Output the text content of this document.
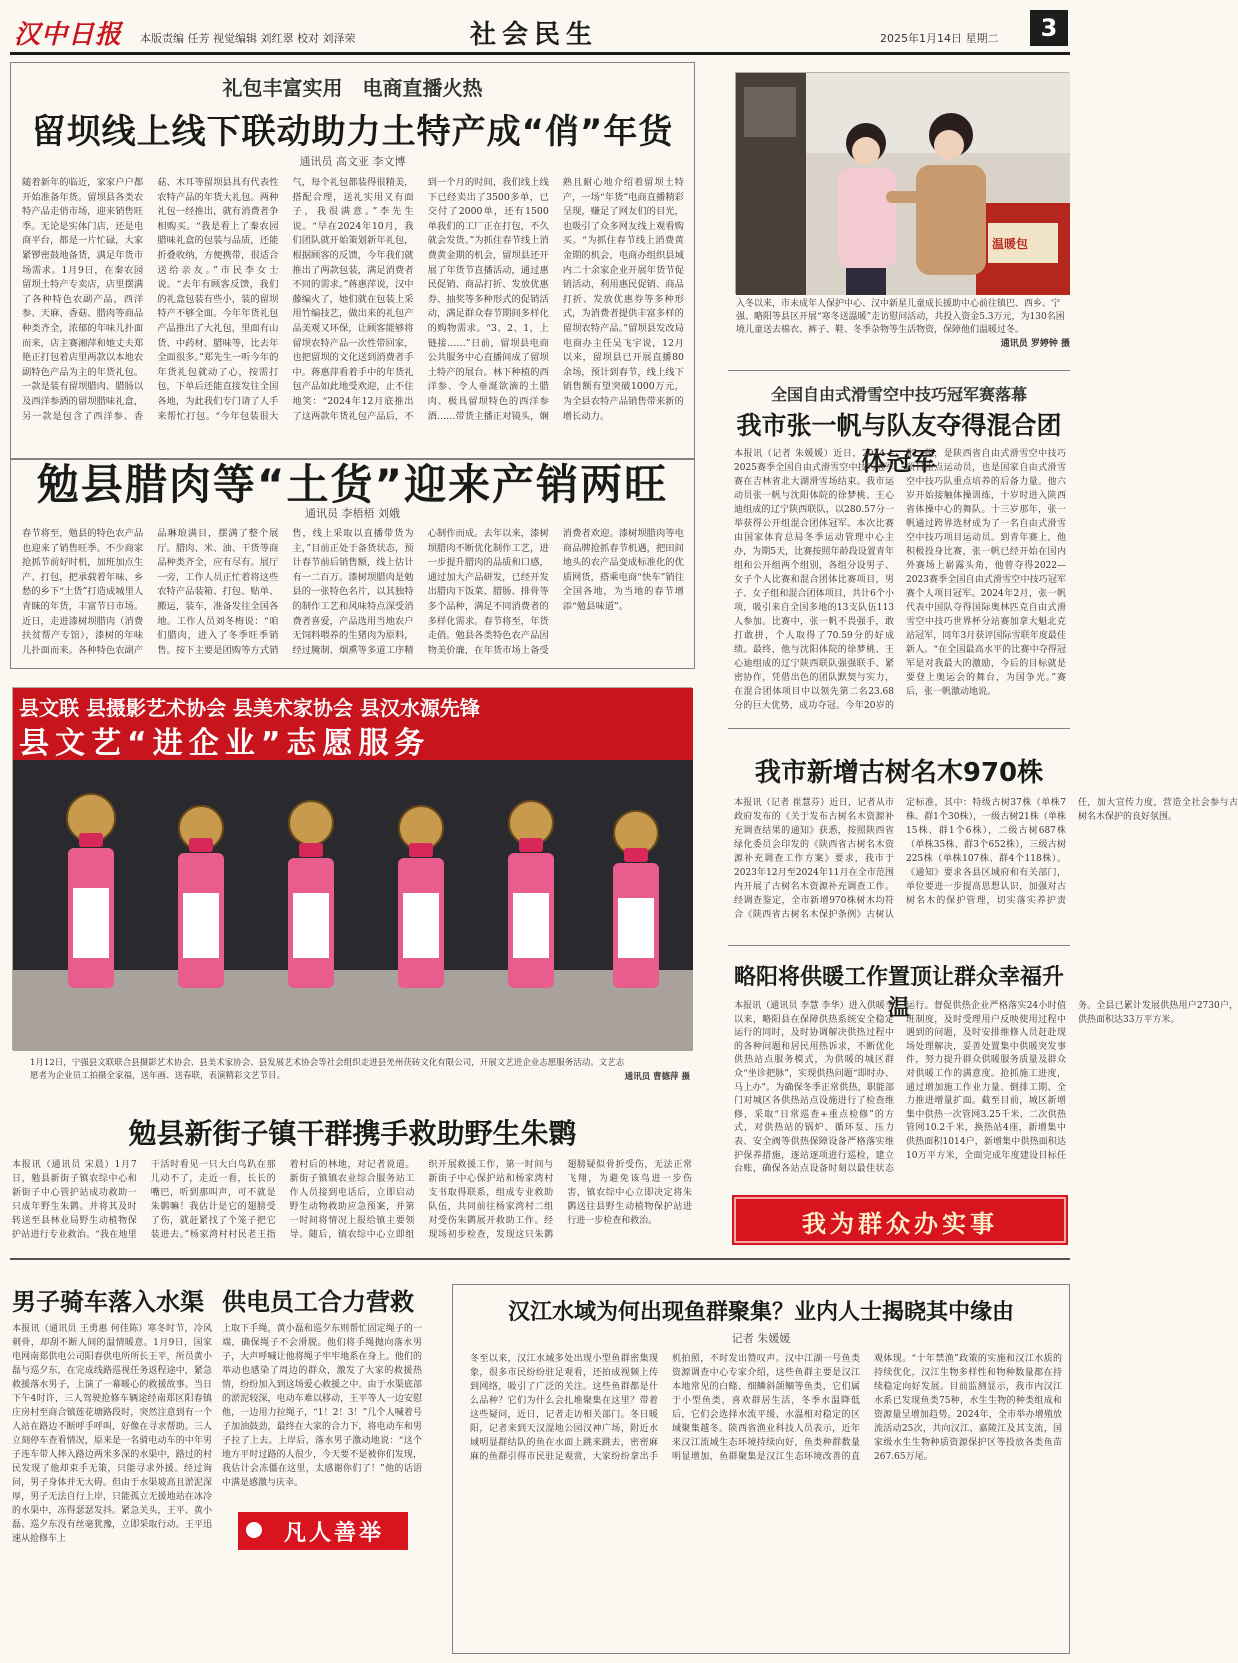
汉中日报 本版责编 任芳 视觉编辑 刘红翠 校对 刘泽荣	社会民生	2025年1月14日 星期二	3
礼包丰富实用　电商直播火热
留坝线上线下联动助力土特产成“俏”年货
通讯员 高文亚 李文博
随着新年的临近，家家户户都开始准备年货。留坝县各类农特产品走俏市场，迎来销售旺季。无论是实体门店，还是电商平台，都是一片忙碌，大家紧锣密鼓地备货，满足年货市场需求。1月9日，在秦农园留坝土特产专卖店，店里摆满了各种特色农副产品，西洋参、天麻、香菇、腊肉等商品种类齐全，浓郁的年味儿扑面而来，店主赛湘萍和她丈夫郑艳正打包着店里两款以本地农副特色产品为主的年货礼包。一款是装有留坝腊肉、腊肠以及西洋参酒的留坝腊味礼盒，另一款是包含了西洋参、香菇、木耳等留坝县具有代表性农特产品的年货大礼包。两种礼包一经推出，就有消费者争相购买。“我是看上了秦农园腊味礼盒的包装与品质，还能折叠收纳，方便携带，很适合送给亲友。”市民李女士说。“去年有顾客反馈，我们的礼盒包装有些小，装的留坝特产不够全面。今年年货礼包产品推出了大礼包，里面有山货、中药材、腊味等，比去年全面很多。”郑先生一听今年的年货礼包就动了心，按需打包，下单后还能直接发往全国各地，为此我们专门请了人手来帮忙打包。“今年包装很大气，每个礼包都装得很精美，搭配合理，送礼实用又有面子，我很满意。”李先生说。“早在2024年10月，我们团队就开始策划新年礼包，根据顾客的反馈，今年我们就推出了两款包装，满足消费者不同的需求。”蒋惠萍说，汉中藤编火了，她们就在包装上采用竹编技艺，做出来的礼包产品美观又环保，让顾客能够将留坝农特产品一次性带回家，也把留坝的文化送到消费者手中。蒋惠萍看着手中的年货礼包产品如此地受欢迎，止不住地笑：“2024年12月底推出了这两款年货礼包产品后，不到一个月的时间，我们线上线下已经卖出了3500多单，已交付了2000单，还有1500单我们的工厂正在打包，不久就会发货。”为抓住春节线上消费黄金期的机会，留坝县还开展了年货节直播活动，通过惠民促销、商品打折、发放优惠券、抽奖等多种形式的促销活动，满足群众春节期间多样化的购物需求。“3、2、1，上链接……”日前，留坝县电商公共服务中心直播间成了留坝土特产的展台。林下种植的西洋参、令人垂涎欲滴的土腊肉、极具留坝特色的西洋参酒……带货主播正对镜头，娴熟且耐心地介绍着留坝土特产，一场“年货”电商直播精彩呈现，赚足了网友们的目光，也吸引了众多网友线上观看购买。“为抓住春节线上消费黄金期的机会，电商办组织县域内二十余家企业开展年货节促销活动，利用惠民促销、商品打折、发放优惠券等多种形式，为消费者提供丰富多样的留坝农特产品。”留坝县发改局电商办主任吴飞宇说，12月以来，留坝县已开展直播80余场，预计到春节，线上线下销售额有望突破1000万元，为全县农特产品销售带来新的增长动力。
勉县腊肉等“土货”迎来产销两旺
通讯员 李梧梧 刘娥
春节将至，勉县的特色农产品也迎来了销售旺季。不少商家抢抓节前好时机，加班加点生产、打包，把承载着年味、乡愁的乡下“土货”打造成城里人青睐的年货，丰富节日市场。近日，走进漆树坝腊肉（消费扶贫帮产专馆），漆树的年味儿扑面而来。各种特色农副产品琳琅满目，摆满了整个展厅。腊肉、米、油、干货等商品种类齐全，应有尽有。展厅一旁，工作人员正忙着将这些农特产品装箱、打包、贴单、搬运，装车，准备发往全国各地。工作人员刘冬梅说：“咱们腊肉，进入了冬季旺季销售。按下主要是团购等方式销售，线上采取以直播带货为主，”目前正处于备货状态，预计春节前后销售额，线上估计有一二百万。漆树坝腊肉是勉县的一张特色名片，以其独特的制作工艺和风味特点深受消费者喜爱，产品选用当地农户无饲料喂养的生猪肉为原料，经过腌制、烟熏等多道工序精心制作而成。去年以来，漆树坝腊肉不断优化制作工艺，进一步提升腊肉的品质和口感，通过加大产品研发，已经开发出腊肉下饭菜、腊肠、排骨等多个品种，满足不同消费者的多样化需求。春节将至，年货走俏。勉县各类特色农产品因物美价廉，在年货市场上备受消费者欢迎。漆树坝腊肉等电商品牌抢抓春节机遇，把田间地头的农产品变成标准化的优质网货，搭乘电商“快车”销往全国各地，为当地的春节增添“勉县味道”。
温暖包
入冬以来，市未成年人保护中心、汉中新星儿童成长援助中心前往镇巴、西乡、宁强、略阳等县区开展“寒冬送温暖”走访慰问活动，共投入资金5.3万元，为130名困境儿童送去棉衣、裤子、鞋、冬季杂物等生活物资，保障他们温暖过冬。
通讯员 罗婷钟 摄
全国自由式滑雪空中技巧冠军赛落幕
我市张一帆与队友夺得混合团体冠军
本报讯（记者 朱媛媛）近日，2024—2025赛季全国自由式滑雪空中技巧冠军赛在吉林省北大湖滑雪场结束。我市运动员张一帆与沈阳体院的徐梦桃、王心迪组成的辽宁陕西联队，以280.57分一举获得公开组混合团体冠军。本次比赛由国家体育总局冬季运动管理中心主办，为期5天，比赛按照年龄段设置青年组和公开组两个组别，各组分设男子、女子个人比赛和混合团体比赛项目，男子、女子组和混合团体项目，共计6个小项，吸引来自全国多地的13支队伍113人参加。比赛中，张一帆不畏强手，敢打敢拼，个人取得了70.59分的好成绩。最终，他与沈阳体院的徐梦桃、王心迪组成的辽宁陕西联队强强联手、紧密协作，凭借出色的团队默契与实力，在混合团体项目中以领先第二名23.68分的巨大优势，成功夺冠。今年20岁的张一帆，是陕西省自由式滑雪空中技巧项目重点运动员，也是国家自由式滑雪空中技巧队重点培养的后备力量。他六岁开始接触体操训练，十岁时进入陕西省体操中心的舞队。十三岁那年，张一帆通过跨界选材成为了一名自由式滑雪空中技巧项目运动员。到青年赛上，他积极投身比赛，张一帆已经开始在国内外赛场上崭露头角，他曾夺得2022—2023赛季全国自由式滑雪空中技巧冠军赛个人项目冠军。2024年2月，张一帆代表中国队夺得国际奥林匹克自由式滑雪空中技巧世界杯分站赛加拿大魁北克站冠军，同年3月获评国际雪联年度最佳新人。“在全国最高水平的比赛中夺得冠军是对我最大的激励，今后的目标就是要登上奥运会的舞台，为国争光。”赛后，张一帆激动地说。
县文联 县摄影艺术协会 县美术家协会 县汉水源先锋
县文艺“进企业”志愿服务
1月12日，宁强县文联联合县摄影艺术协会、县美术家协会、县发展艺术协会等社会组织走进县羌州茯砖文化有限公司，开展文艺进企业志愿服务活动。文艺志愿者为企业员工拍摄全家福，送年画、送春联，表演精彩文艺节目。	通讯员 曹德萍 摄
勉县新街子镇干群携手救助野生朱鹮
本报讯（通讯员 宋晨）1月7日，勉县新街子镇农综中心和新街子中心管护站成功救助一只成年野生朱鹮。并将其及时转送至县林业局野生动植物保护站进行专业救治。“我在地里干活时看见一只大白鸟趴在那儿动不了，走近一看，长长的嘴巴，听到那叫声，可不就是朱鹮嘛！我估计是它的翅膀受了伤，就赶紧找了个笼子把它装进去。”杨家湾村村民老王指着村后的林地，对记者说道。新街子镇镇农业综合服务站工作人员接到电话后，立即启动野生动物救助应急预案，并第一时间将情况上报给镇主要领导。随后，镇农综中心立即组织开展救援工作，第一时间与新街子中心保护站和杨家湾村支书取得联系，组成专业救助队伍，共同前往杨家湾村二组对受伤朱鹮展开救助工作。经现场初步检查，发现这只朱鹮翅膀疑似骨折受伤，无法正常飞翔，为避免该鸟进一步伤害，镇农综中心立即决定将朱鹮送往县野生动植物保护站进行进一步检查和救治。
我市新增古树名木970株
本报讯（记者 崔慧芬）近日，记者从市政府发布的《关于发布古树名木资源补充调查结果的通知》获悉，按照陕西省绿化委员会印发的《陕西省古树名木资源补充调查工作方案》要求，我市于2023年12月至2024年11月在全市范围内开展了古树名木资源补充调查工作。经调查鉴定，全市新增970株树木均符合《陕西省古树名木保护条例》古树认定标准，其中：特级古树37株（单株7株、群1个30株），一级古树21株（单株15株、群1个6株），二级古树687株（单株35株、群3个652株），三级古树225株（单株107株、群4个118株）。《通知》要求各县区域府和有关部门，单位要进一步提高思想认识，加强对古树名木的保护管理，切实落实养护责任，加大宣传力度，营造全社会参与古树名木保护的良好氛围。
略阳将供暖工作置顶让群众幸福升温
本报讯（通讯员 李慧 李华）进入供暖季以来，略阳县在保障供热系统安全稳定运行的同时，及时协调解决供热过程中的各种问题和居民用热诉求，不断优化供热站点服务模式，为供暖的城区群众“坐诊把脉”，实现供热问题“即时办、马上办”。为确保冬季正常供热，职能部门对城区各供热站点设施进行了检查维修，采取“日常巡查+重点检修”的方式，对供热站的锅炉、循环泵、压力表、安全阀等供热保障设备严格落实维护保养措施，逐站逐项进行巡检，建立台账，确保各站点设备时刻以最佳状态运行。督促供热企业严格落实24小时值班制度，及时受理用户反映使用过程中遇到的问题，及时安排维修人员赶赴现场处理解决，妥善处置集中供暖突发事件，努力提升群众供暖服务质量及群众对供暖工作的满意度。抢抓施工进度，通过增加施工作业力量、倒排工期、全力推进增量扩面。截至目前，城区新增集中供热一次管网3.25千米、二次供热管网10.2千米，换热站4座，新增集中供热面积1014户，新增集中供热面积达10万平方米，全面完成年度建设目标任务。全县已累计发展供热用户2730户，供热面积达33万平方米。
我为群众办实事
男子骑车落入水渠 供电员工合力营救
本报讯（通讯员 王勇惠 何佳陈）寒冬时节，冷风刺骨，却刮不断人间的温情暖意。1月9日，国家电网南郑供电公司阳春供电所所长王平，所员黄小磊与巡夕东，在完成线路巡视任务返程途中，紧急救援落水男子，上演了一幕暖心的救援故事。当日下午4时许，三人驾驶抢修车辆途经南郑区阳春镇庄房村至商合镇莲花塘路段时，突然注意到有一个人站在路边不断呼手呼叫，好像在寻求帮助。三人立刻停车查看情况，原来是一名骑电动车的中年男子连车带人摔入路边两米多深的水渠中，路过的村民发现了他却束手无策，只能寻求外援。经过询问，男子身体并无大碍。但由于水渠坡高且淤泥深厚，男子无法自行上岸，只能孤立无援地站在冰冷的水渠中，冻得瑟瑟发抖。紧急关头，王平、黄小磊、巡夕东没有丝毫犹豫，立即采取行动。王平迅速从抢修车上
上取下手绳，黄小磊和巡夕东则帮忙固定绳子的一端，确保绳子不会滑脱。他们将手绳抛向落水男子，大声呼喊让他将绳子牢牢地系在身上。他们的举动也感染了周边的群众，激发了大家的救援热情，纷纷加入到这场爱心救援之中。由于水渠底部的淤泥较深，电动车难以移动，王平等人一边安慰他，一边用力拉绳子，“1！2！3！”几个人喊着号子加油鼓劲，最终在大家的合力下，将电动车和男子拉了上去。上岸后，落水男子激动地说：“这个地方平时过路的人很少，今天要不是被你们发现，我估计会冻僵在这里，太感谢你们了！”他的话语中满是感激与庆幸。
凡人善举
汉江水域为何出现鱼群聚集？业内人士揭晓其中缘由
记者 朱媛媛
冬至以来，汉江水域多处出现小型鱼群密集现象，很多市民纷纷驻足观看，还拍成视频上传到网络，吸引了广泛的关注。这些鱼群都是什么品种？它们为什么会扎堆聚集在这里？带着这些疑问，近日，记者走访相关部门。冬日暖阳，记者来到天汉湿地公园汉神广场，附近水域明显群结队的鱼在水面上跳来跳去，密密麻麻的鱼群引得市民驻足观赏，大家纷纷拿出手机拍照，不时发出赞叹声。汉中江湖一号鱼类资源调查中心专家介绍，这些鱼群主要是汉江本地常见的白鲦、细鳞斜颌鲴等鱼类，它们属于小型鱼类，喜欢群居生活，冬季水温降低后，它们会选择水流平缓、水温相对稳定的区域聚集越冬。陕西省渔业科技人员表示，近年来汉江流域生态环境持续向好，鱼类种群数量明显增加，鱼群聚集是汉江生态环境改善的直观体现。“十年禁渔”政策的实施和汉江水质的持续优化，汉江生物多样性和物种数量都在持续稳定向好发展。目前监测显示，我市内汉江水系已发现鱼类75种，水生生物的种类组成和资源量呈增加趋势。2024年，全市举办增殖放流活动25次，共向汉江、嘉陵江及其支流，国家级水生生物种质资源保护区等投放各类鱼苗267.65万尾。
